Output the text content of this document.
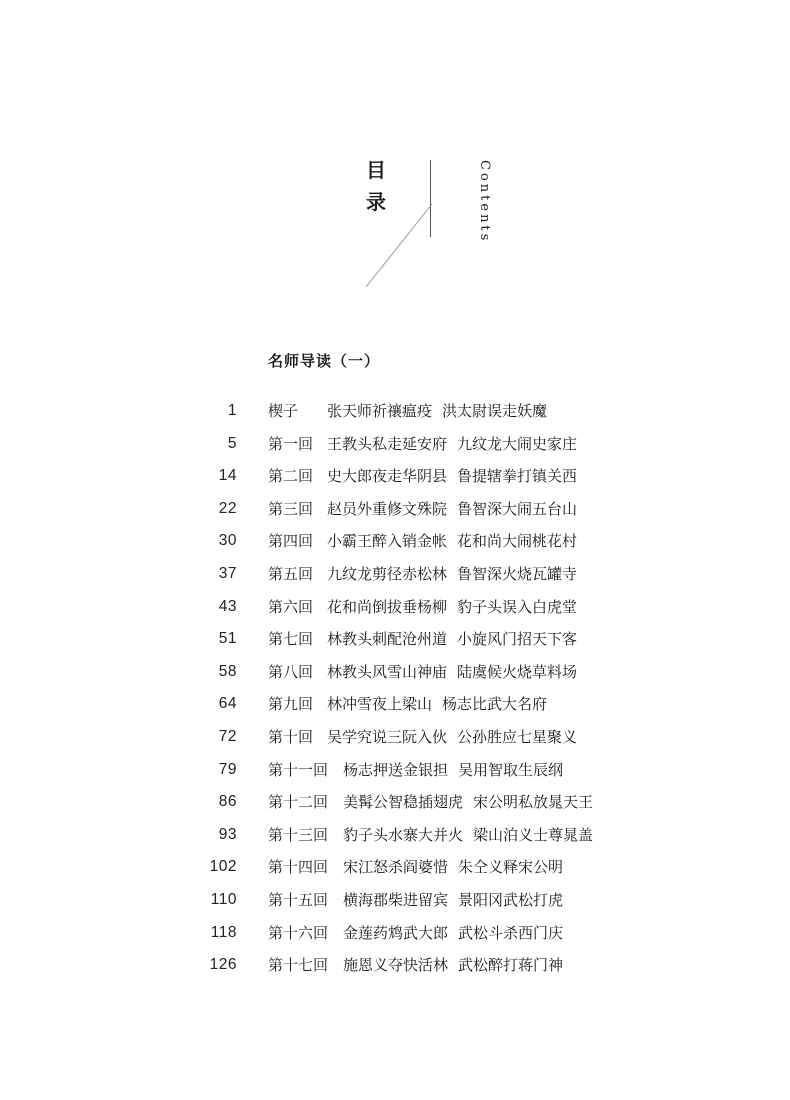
目
录	Contents
名师导读（一）
1 楔子 张天师祈禳瘟疫 洪太尉误走妖魔
5 第一回 王教头私走延安府 九纹龙大闹史家庄
14 第二回 史大郎夜走华阴县 鲁提辖拳打镇关西
22 第三回 赵员外重修文殊院 鲁智深大闹五台山
30 第四回 小霸王醉入销金帐 花和尚大闹桃花村
37 第五回 九纹龙剪径赤松林 鲁智深火烧瓦罐寺
43 第六回 花和尚倒拔垂杨柳 豹子头误入白虎堂
51 第七回 林教头刺配沧州道 小旋风门招天下客
58 第八回 林教头风雪山神庙 陆虞候火烧草料场
64 第九回 林冲雪夜上梁山 杨志比武大名府
72 第十回 吴学究说三阮入伙 公孙胜应七星聚义
79 第十一回 杨志押送金银担 吴用智取生辰纲
86 第十二回 美髯公智稳插翅虎 宋公明私放晁天王
93 第十三回 豹子头水寨大并火 梁山泊义士尊晁盖
102 第十四回 宋江怒杀阎婆惜 朱仝义释宋公明
110 第十五回 横海郡柴进留宾 景阳冈武松打虎
118 第十六回 金莲药鸩武大郎 武松斗杀西门庆
126 第十七回 施恩义夺快活林 武松醉打蒋门神
